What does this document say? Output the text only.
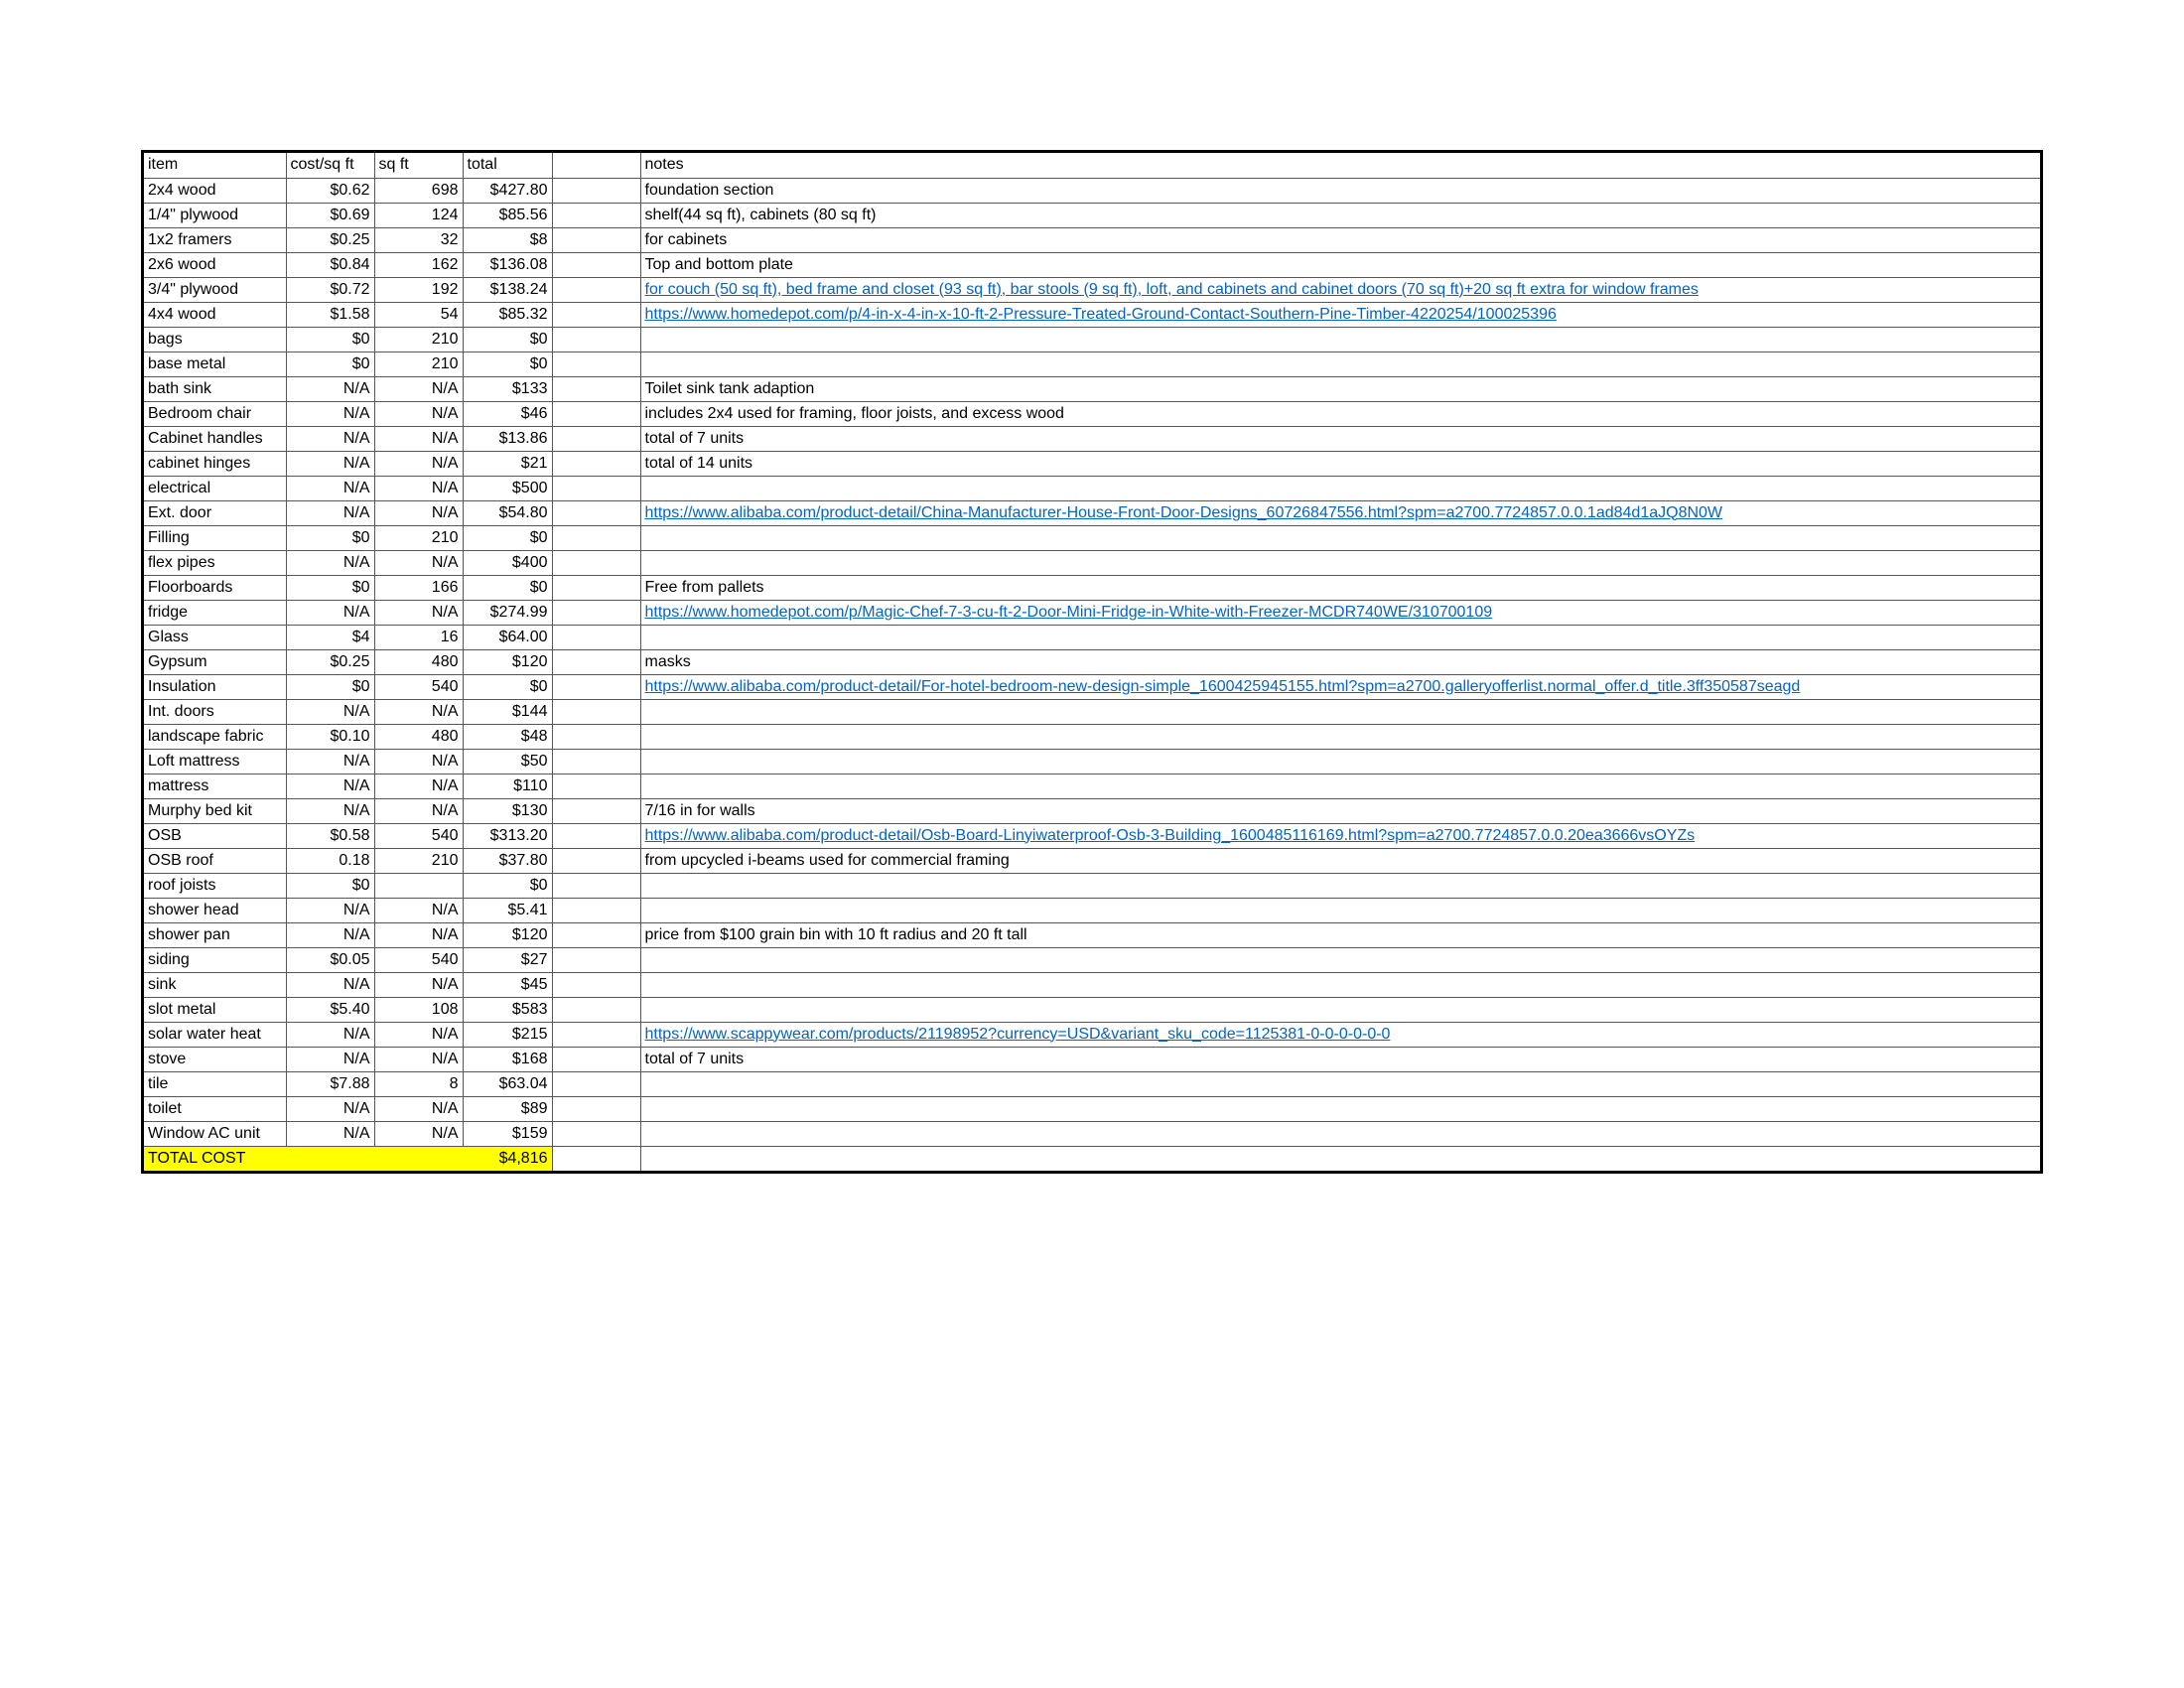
item	cost/sq ft	sq ft	total		notes
2x4 wood	$0.62	698	$427.80		foundation section
1/4" plywood	$0.69	124	$85.56		shelf(44 sq ft), cabinets (80 sq ft)
1x2 framers	$0.25	32	$8		for cabinets
2x6 wood	$0.84	162	$136.08		Top and bottom plate
3/4" plywood	$0.72	192	$138.24		for couch (50 sq ft), bed frame and closet (93 sq ft), bar stools (9 sq ft), loft, and cabinets and cabinet doors (70 sq ft)+20 sq ft extra for window frames
4x4 wood	$1.58	54	$85.32		https://www.homedepot.com/p/4-in-x-4-in-x-10-ft-2-Pressure-Treated-Ground-Contact-Southern-Pine-Timber-4220254/100025396
bags	$0	210	$0		
base metal	$0	210	$0		
bath sink	N/A	N/A	$133		Toilet sink tank adaption
Bedroom chair	N/A	N/A	$46		includes 2x4 used for framing, floor joists, and excess wood
Cabinet handles	N/A	N/A	$13.86		total of 7 units
cabinet hinges	N/A	N/A	$21		total of 14 units
electrical	N/A	N/A	$500		
Ext. door	N/A	N/A	$54.80		https://www.alibaba.com/product-detail/China-Manufacturer-House-Front-Door-Designs_60726847556.html?spm=a2700.7724857.0.0.1ad84d1aJQ8N0W
Filling	$0	210	$0		
flex pipes	N/A	N/A	$400		
Floorboards	$0	166	$0		Free from pallets
fridge	N/A	N/A	$274.99		https://www.homedepot.com/p/Magic-Chef-7-3-cu-ft-2-Door-Mini-Fridge-in-White-with-Freezer-MCDR740WE/310700109
Glass	$4	16	$64.00		
Gypsum	$0.25	480	$120		masks
Insulation	$0	540	$0		https://www.alibaba.com/product-detail/For-hotel-bedroom-new-design-simple_1600425945155.html?spm=a2700.galleryofferlist.normal_offer.d_title.3ff350587seagd
Int. doors	N/A	N/A	$144		
landscape fabric	$0.10	480	$48		
Loft mattress	N/A	N/A	$50		
mattress	N/A	N/A	$110		
Murphy bed kit	N/A	N/A	$130		7/16 in for walls
OSB	$0.58	540	$313.20		https://www.alibaba.com/product-detail/Osb-Board-Linyiwaterproof-Osb-3-Building_1600485116169.html?spm=a2700.7724857.0.0.20ea3666vsOYZs
OSB roof	0.18	210	$37.80		from upcycled i-beams used for commercial framing
roof joists	$0		$0		
shower head	N/A	N/A	$5.41		
shower pan	N/A	N/A	$120		price from $100 grain bin with 10 ft radius and 20 ft tall
siding	$0.05	540	$27		
sink	N/A	N/A	$45		
slot metal	$5.40	108	$583		
solar water heat	N/A	N/A	$215		https://www.scappywear.com/products/21198952?currency=USD&variant_sku_code=1125381-0-0-0-0-0-0
stove	N/A	N/A	$168		total of 7 units
tile	$7.88	8	$63.04		
toilet	N/A	N/A	$89		
Window AC unit	N/A	N/A	$159		
TOTAL COST			$4,816		
